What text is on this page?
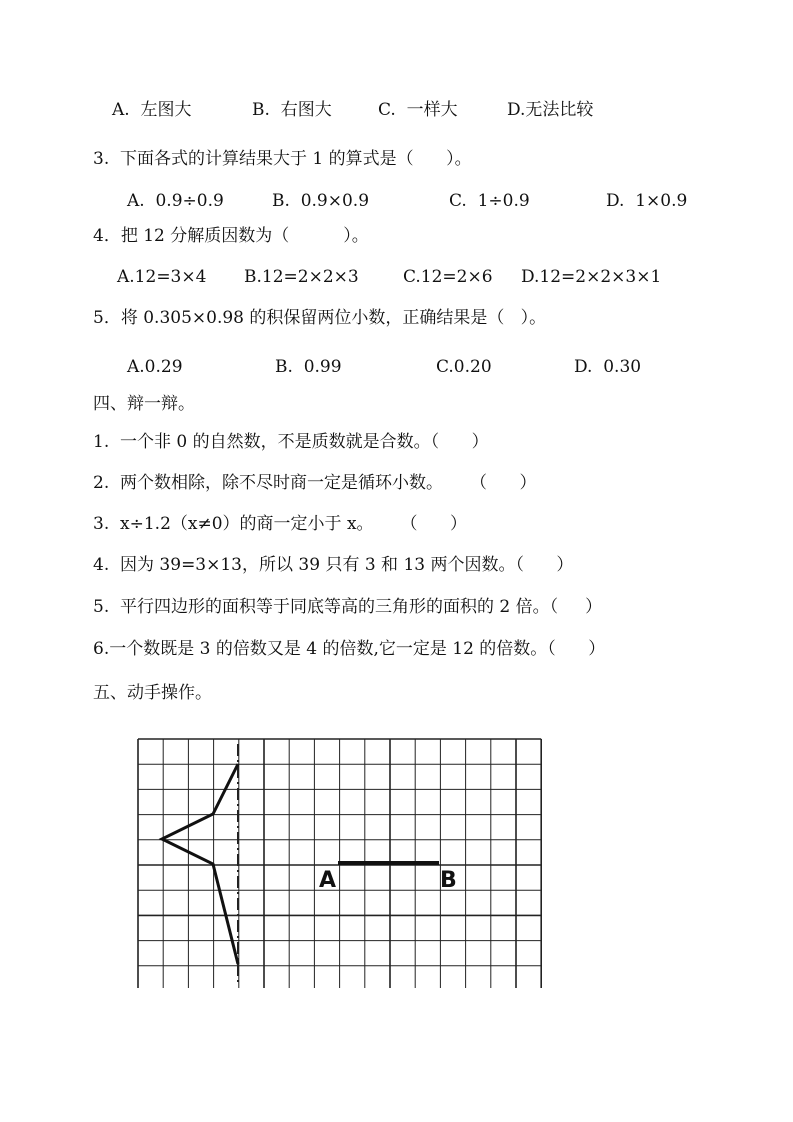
A.  左图大	B.  右图大	C.  一样大	D.无法比较
3.  下面各式的计算结果大于 1 的算式是（      ）。
A.  0.9÷0.9	B.  0.9×0.9	C.  1÷0.9	D.  1×0.9
4．把 12 分解质因数为（          ）。
A.12=3×4 B.12=2×2×3	C.12=2×6 D.12=2×2×3×1
5．将 0.305×0.98 的积保留两位小数，正确结果是（   ）。
A.0.29	B.  0.99	C.0.20	D.  0.30
四、辩一辩。
1.  一个非 0 的自然数，不是质数就是合数。（      ）
2.  两个数相除，除不尽时商一定是循环小数。     （      ）
3.  x÷1.2（x≠0）的商一定小于 x。     （      ）
4.  因为 39=3×13，所以 39 只有 3 和 13 两个因数。（      ）
5.  平行四边形的面积等于同底等高的三角形的面积的 2 倍。（     ）
6.一个数既是 3 的倍数又是 4 的倍数,它一定是 12 的倍数。（      ）
五、动手操作。
A	B
